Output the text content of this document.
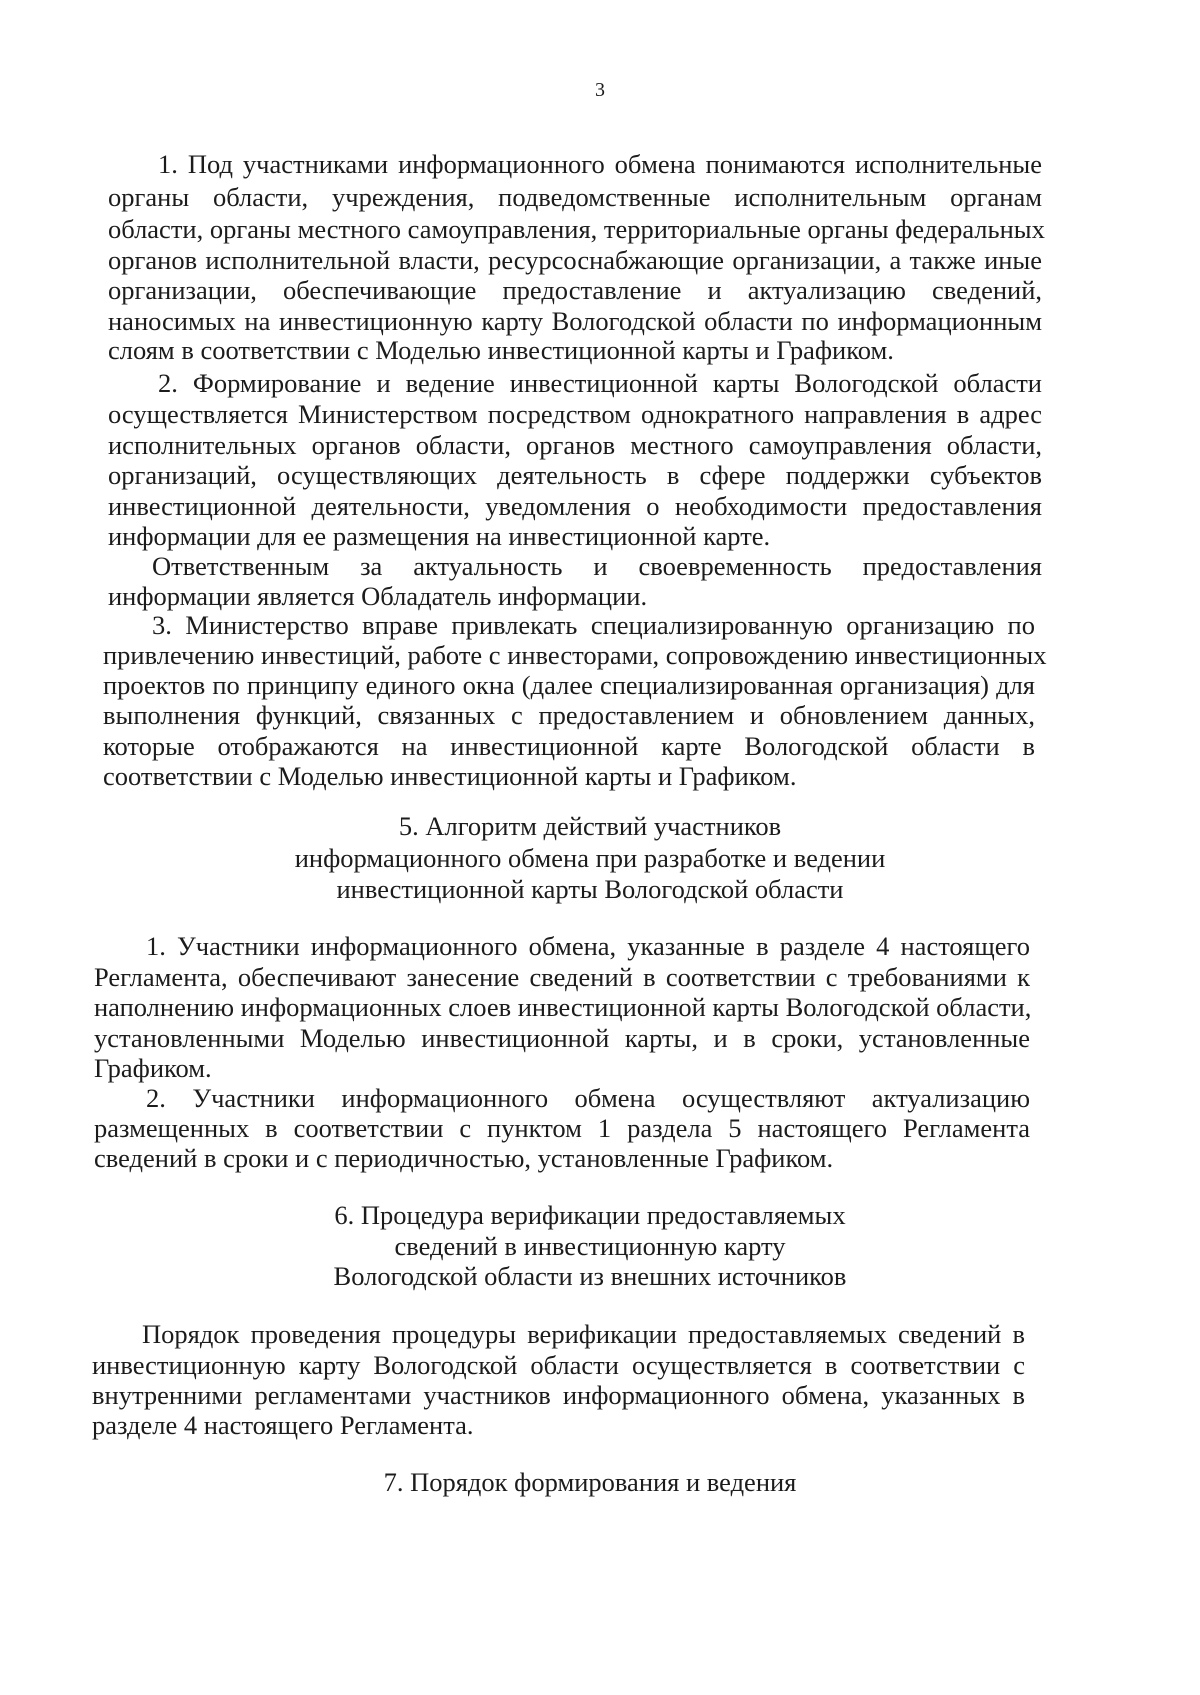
3
1. Под участниками информационного обмена понимаются исполнительные
органы области, учреждения, подведомственные исполнительным органам
области, органы местного самоуправления, территориальные органы федеральных
органов исполнительной власти, ресурсоснабжающие организации, а также иные
организации, обеспечивающие предоставление и актуализацию сведений,
наносимых на инвестиционную карту Вологодской области по информационным
слоям в соответствии с Моделью инвестиционной карты и Графиком.
2. Формирование и ведение инвестиционной карты Вологодской области
осуществляется Министерством посредством однократного направления в адрес
исполнительных органов области, органов местного самоуправления области,
организаций, осуществляющих деятельность в сфере поддержки субъектов
инвестиционной деятельности, уведомления о необходимости предоставления
информации для ее размещения на инвестиционной карте.
Ответственным за актуальность и своевременность предоставления
информации является Обладатель информации.
3. Министерство вправе привлекать специализированную организацию по
привлечению инвестиций, работе с инвесторами, сопровождению инвестиционных
проектов по принципу единого окна (далее специализированная организация) для
выполнения функций, связанных с предоставлением и обновлением данных,
которые отображаются на инвестиционной карте Вологодской области в
соответствии с Моделью инвестиционной карты и Графиком.
5. Алгоритм действий участников
информационного обмена при разработке и ведении
инвестиционной карты Вологодской области
1. Участники информационного обмена, указанные в разделе 4 настоящего
Регламента, обеспечивают занесение сведений в соответствии с требованиями к
наполнению информационных слоев инвестиционной карты Вологодской области,
установленными Моделью инвестиционной карты, и в сроки, установленные
Графиком.
2. Участники информационного обмена осуществляют актуализацию
размещенных в соответствии с пунктом 1 раздела 5 настоящего Регламента
сведений в сроки и с периодичностью, установленные Графиком.
6. Процедура верификации предоставляемых
сведений в инвестиционную карту
Вологодской области из внешних источников
Порядок проведения процедуры верификации предоставляемых сведений в
инвестиционную карту Вологодской области осуществляется в соответствии с
внутренними регламентами участников информационного обмена, указанных в
разделе 4 настоящего Регламента.
7. Порядок формирования и ведения
